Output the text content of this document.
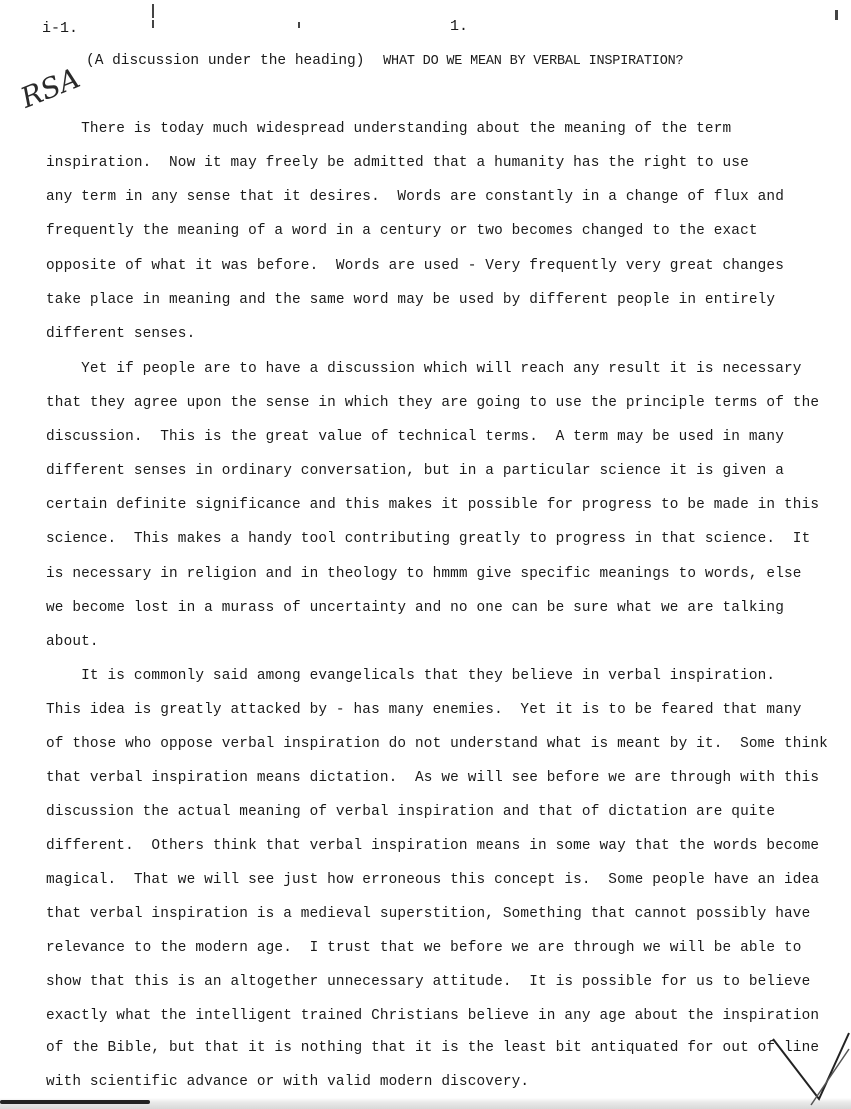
i-1.	1.
(A discussion under the heading) WHAT DO WE MEAN BY VERBAL INSPIRATION?
RSA
There is today much widespread understanding about the meaning of the term
inspiration.  Now it may freely be admitted that a humanity has the right to use
any term in any sense that it desires.  Words are constantly in a change of flux and
frequently the meaning of a word in a century or two becomes changed to the exact
opposite of what it was before.  Words are used - Very frequently very great changes
take place in meaning and the same word may be used by different people in entirely
different senses.
Yet if people are to have a discussion which will reach any result it is necessary
that they agree upon the sense in which they are going to use the principle terms of the
discussion.  This is the great value of technical terms.  A term may be used in many
different senses in ordinary conversation, but in a particular science it is given a
certain definite significance and this makes it possible for progress to be made in this
science.  This makes a handy tool contributing greatly to progress in that science.  It
is necessary in religion and in theology to hmmm give specific meanings to words, else
we become lost in a murass of uncertainty and no one can be sure what we are talking
about.
It is commonly said among evangelicals that they believe in verbal inspiration.
This idea is greatly attacked by - has many enemies.  Yet it is to be feared that many
of those who oppose verbal inspiration do not understand what is meant by it.  Some think
that verbal inspiration means dictation.  As we will see before we are through with this
discussion the actual meaning of verbal inspiration and that of dictation are quite
different.  Others think that verbal inspiration means in some way that the words become
magical.  That we will see just how erroneous this concept is.  Some people have an idea
that verbal inspiration is a medieval superstition, Something that cannot possibly have
relevance to the modern age.  I trust that we before we are through we will be able to
show that this is an altogether unnecessary attitude.  It is possible for us to believe
exactly what the intelligent trained Christians believe in any age about the inspiration
of the Bible, but that it is nothing that it is the least bit antiquated for out of line
with scientific advance or with valid modern discovery.
